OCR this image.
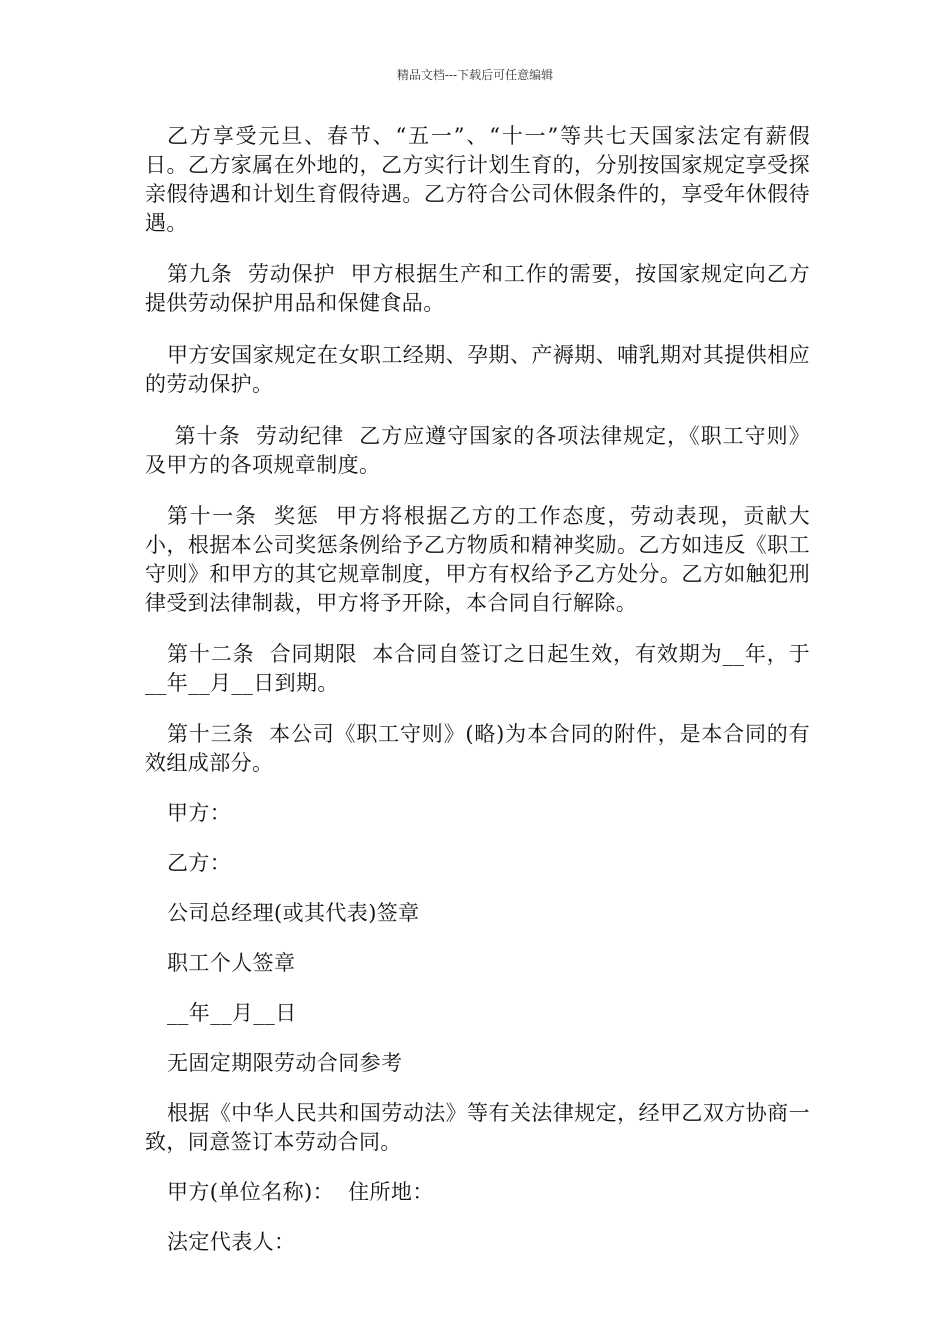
精品文档---下载后可任意编辑

乙方享受元旦、春节、“五一”、“十一”等共七天国家法定有薪假日。乙方家属在外地的，乙方实行计划生育的，分别按国家规定享受探亲假待遇和计划生育假待遇。乙方符合公司休假条件的，享受年休假待遇。

第九条  劳动保护  甲方根据生产和工作的需要，按国家规定向乙方提供劳动保护用品和保健食品。

甲方安国家规定在女职工经期、孕期、产褥期、哺乳期对其提供相应的劳动保护。

第十条  劳动纪律  乙方应遵守国家的各项法律规定，《职工守则》及甲方的各项规章制度。

第十一条  奖惩  甲方将根据乙方的工作态度，劳动表现，贡献大小，根据本公司奖惩条例给予乙方物质和精神奖励。乙方如违反《职工守则》和甲方的其它规章制度，甲方有权给予乙方处分。乙方如触犯刑律受到法律制裁，甲方将予开除，本合同自行解除。

第十二条  合同期限  本合同自签订之日起生效，有效期为__年，于__年__月__日到期。

第十三条  本公司《职工守则》(略)为本合同的附件，是本合同的有效组成部分。

甲方：

乙方：

公司总经理(或其代表)签章

职工个人签章

__年__月__日

无固定期限劳动合同参考

根据《中华人民共和国劳动法》等有关法律规定，经甲乙双方协商一致，同意签订本劳动合同。

甲方(单位名称)：  住所地：

法定代表人：
